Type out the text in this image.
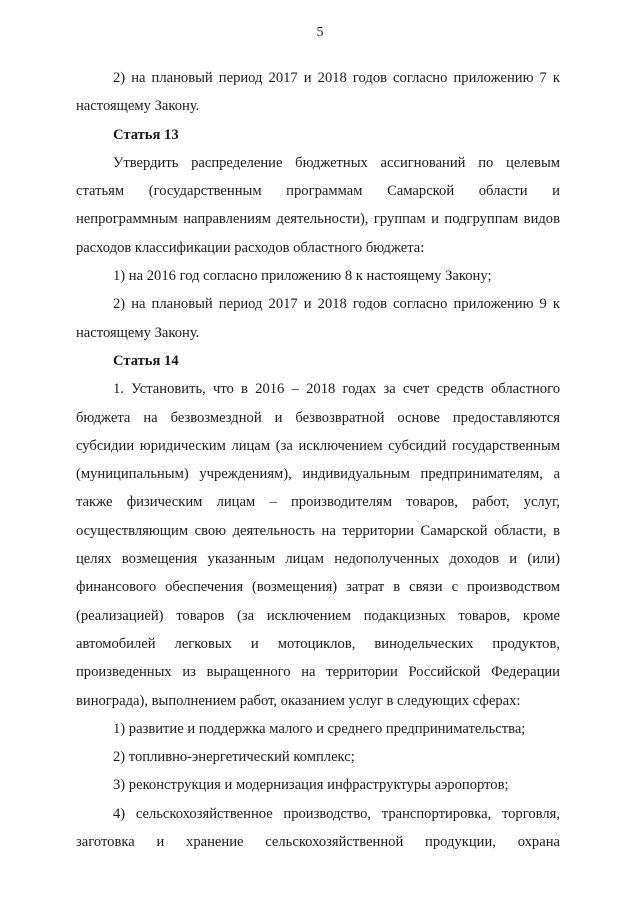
5

2) на плановый период 2017 и 2018 годов согласно приложению 7 к настоящему Закону.

Статья 13

Утвердить распределение бюджетных ассигнований по целевым статьям (государственным программам Самарской области и непрограммным направлениям деятельности), группам и подгруппам видов расходов классификации расходов областного бюджета:

1) на 2016 год согласно приложению 8 к настоящему Закону;

2) на плановый период 2017 и 2018 годов согласно приложению 9 к настоящему Закону.

Статья 14

1. Установить, что в 2016 – 2018 годах за счет средств областного бюджета на безвозмездной и безвозвратной основе предоставляются субсидии юридическим лицам (за исключением субсидий государственным (муниципальным) учреждениям), индивидуальным предпринимателям, а также физическим лицам – производителям товаров, работ, услуг, осуществляющим свою деятельность на территории Самарской области, в целях возмещения указанным лицам недополученных доходов и (или) финансового обеспечения (возмещения) затрат в связи с производством (реализацией) товаров (за исключением подакцизных товаров, кроме автомобилей легковых и мотоциклов, винодельческих продуктов, произведенных из выращенного на территории Российской Федерации винограда), выполнением работ, оказанием услуг в следующих сферах:

1) развитие и поддержка малого и среднего предпринимательства;

2) топливно-энергетический комплекс;

3) реконструкция и модернизация инфраструктуры аэропортов;

4) сельскохозяйственное производство, транспортировка, торговля, заготовка и хранение сельскохозяйственной продукции, охрана
